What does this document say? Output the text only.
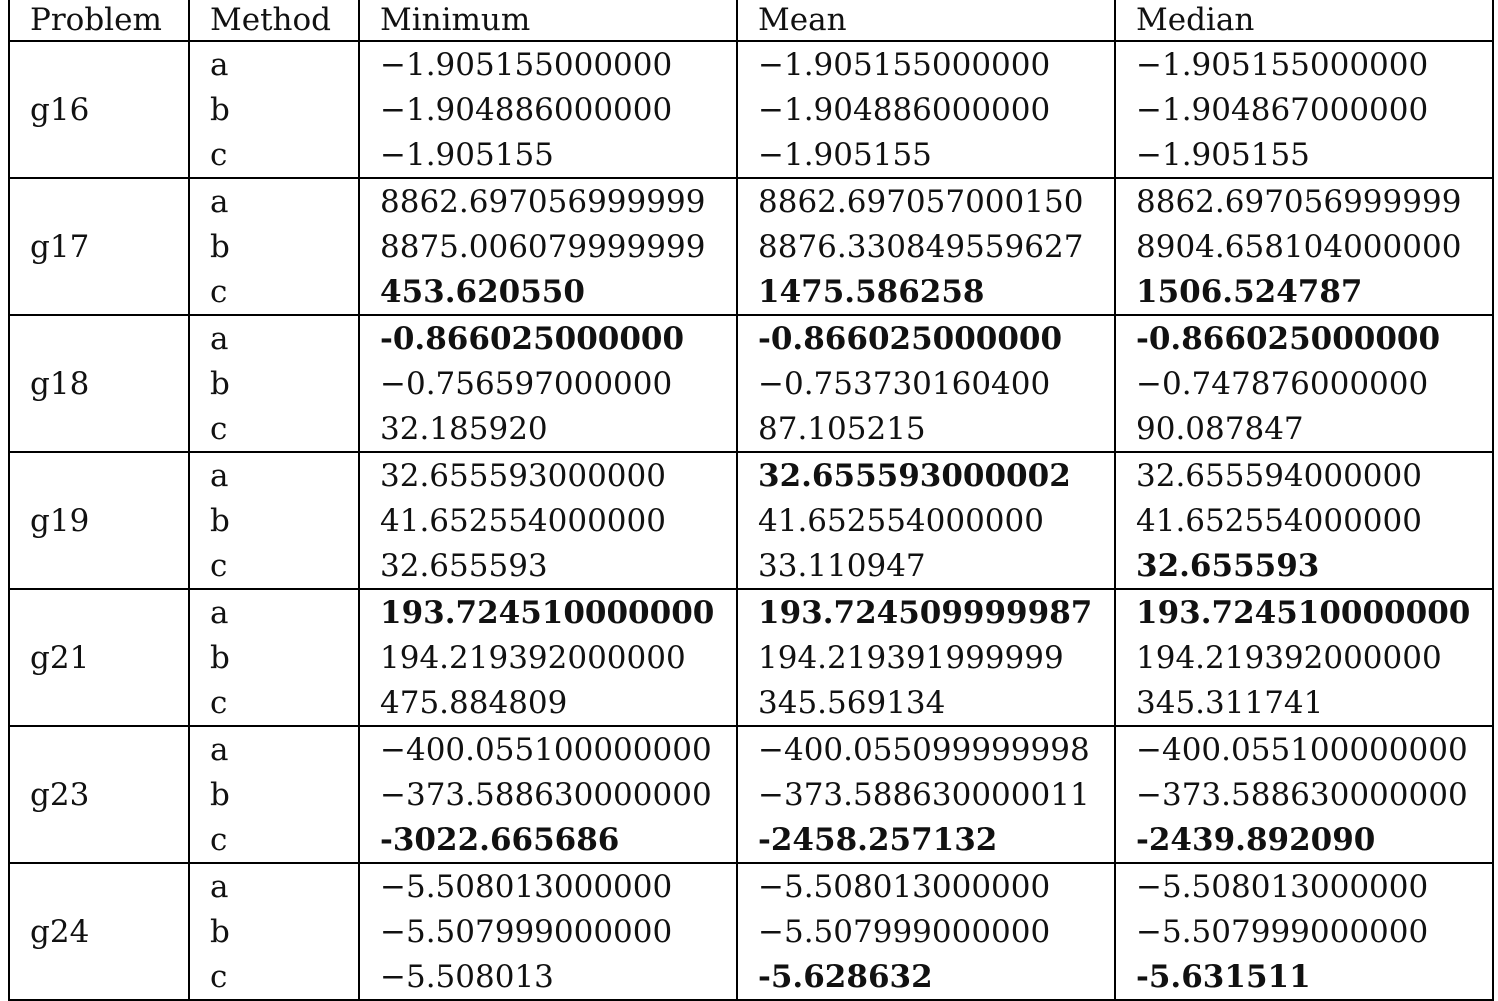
Problem	Method	Minimum	Mean	Median
g16	a	−1.905155000000	−1.905155000000	−1.905155000000
	b	−1.904886000000	−1.904886000000	−1.904867000000
	c	−1.905155	−1.905155	−1.905155
g17	a	8862.697056999999	8862.697057000150	8862.697056999999
	b	8875.006079999999	8876.330849559627	8904.658104000000
	c	453.620550	1475.586258	1506.524787
g18	a	-0.866025000000	-0.866025000000	-0.866025000000
	b	−0.756597000000	−0.753730160400	−0.747876000000
	c	32.185920	87.105215	90.087847
g19	a	32.655593000000	32.655593000002	32.655594000000
	b	41.652554000000	41.652554000000	41.652554000000
	c	32.655593	33.110947	32.655593
g21	a	193.724510000000	193.724509999987	193.724510000000
	b	194.219392000000	194.219391999999	194.219392000000
	c	475.884809	345.569134	345.311741
g23	a	−400.055100000000	−400.055099999998	−400.055100000000
	b	−373.588630000000	−373.588630000011	−373.588630000000
	c	-3022.665686	-2458.257132	-2439.892090
g24	a	−5.508013000000	−5.508013000000	−5.508013000000
	b	−5.507999000000	−5.507999000000	−5.507999000000
	c	−5.508013	-5.628632	-5.631511
